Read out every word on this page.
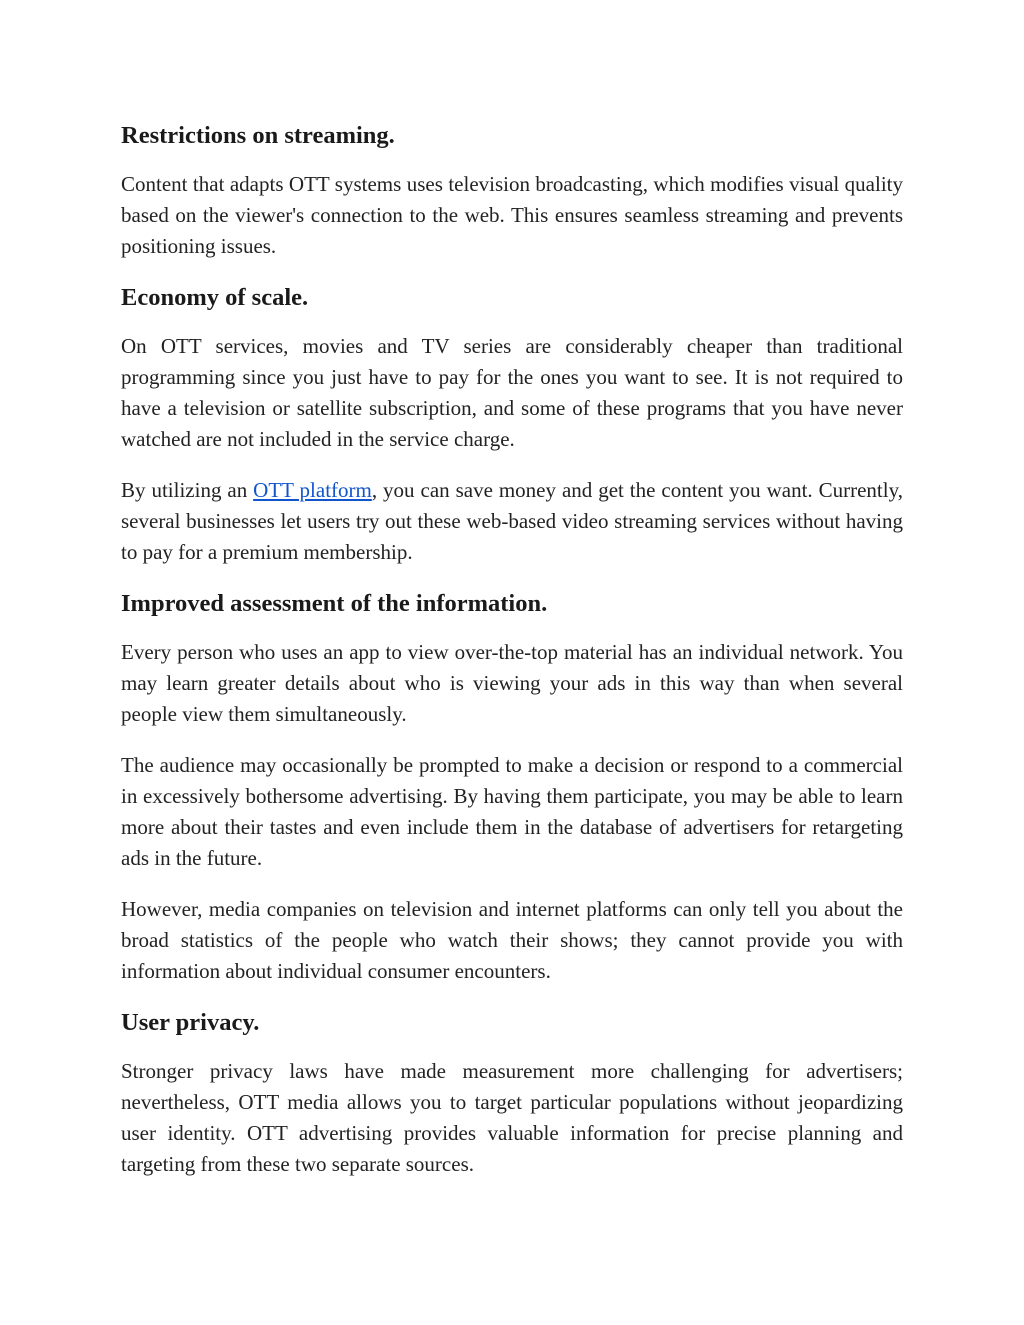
Restrictions on streaming.

Content that adapts OTT systems uses television broadcasting, which modifies visual quality based on the viewer's connection to the web. This ensures seamless streaming and prevents positioning issues.

Economy of scale.

On OTT services, movies and TV series are considerably cheaper than traditional programming since you just have to pay for the ones you want to see. It is not required to have a television or satellite subscription, and some of these programs that you have never watched are not included in the service charge.

By utilizing an OTT platform, you can save money and get the content you want. Currently, several businesses let users try out these web-based video streaming services without having to pay for a premium membership.

Improved assessment of the information.

Every person who uses an app to view over-the-top material has an individual network. You may learn greater details about who is viewing your ads in this way than when several people view them simultaneously.

The audience may occasionally be prompted to make a decision or respond to a commercial in excessively bothersome advertising. By having them participate, you may be able to learn more about their tastes and even include them in the database of advertisers for retargeting ads in the future.

However, media companies on television and internet platforms can only tell you about the broad statistics of the people who watch their shows; they cannot provide you with information about individual consumer encounters.

User privacy.

Stronger privacy laws have made measurement more challenging for advertisers; nevertheless, OTT media allows you to target particular populations without jeopardizing user identity. OTT advertising provides valuable information for precise planning and targeting from these two separate sources.
